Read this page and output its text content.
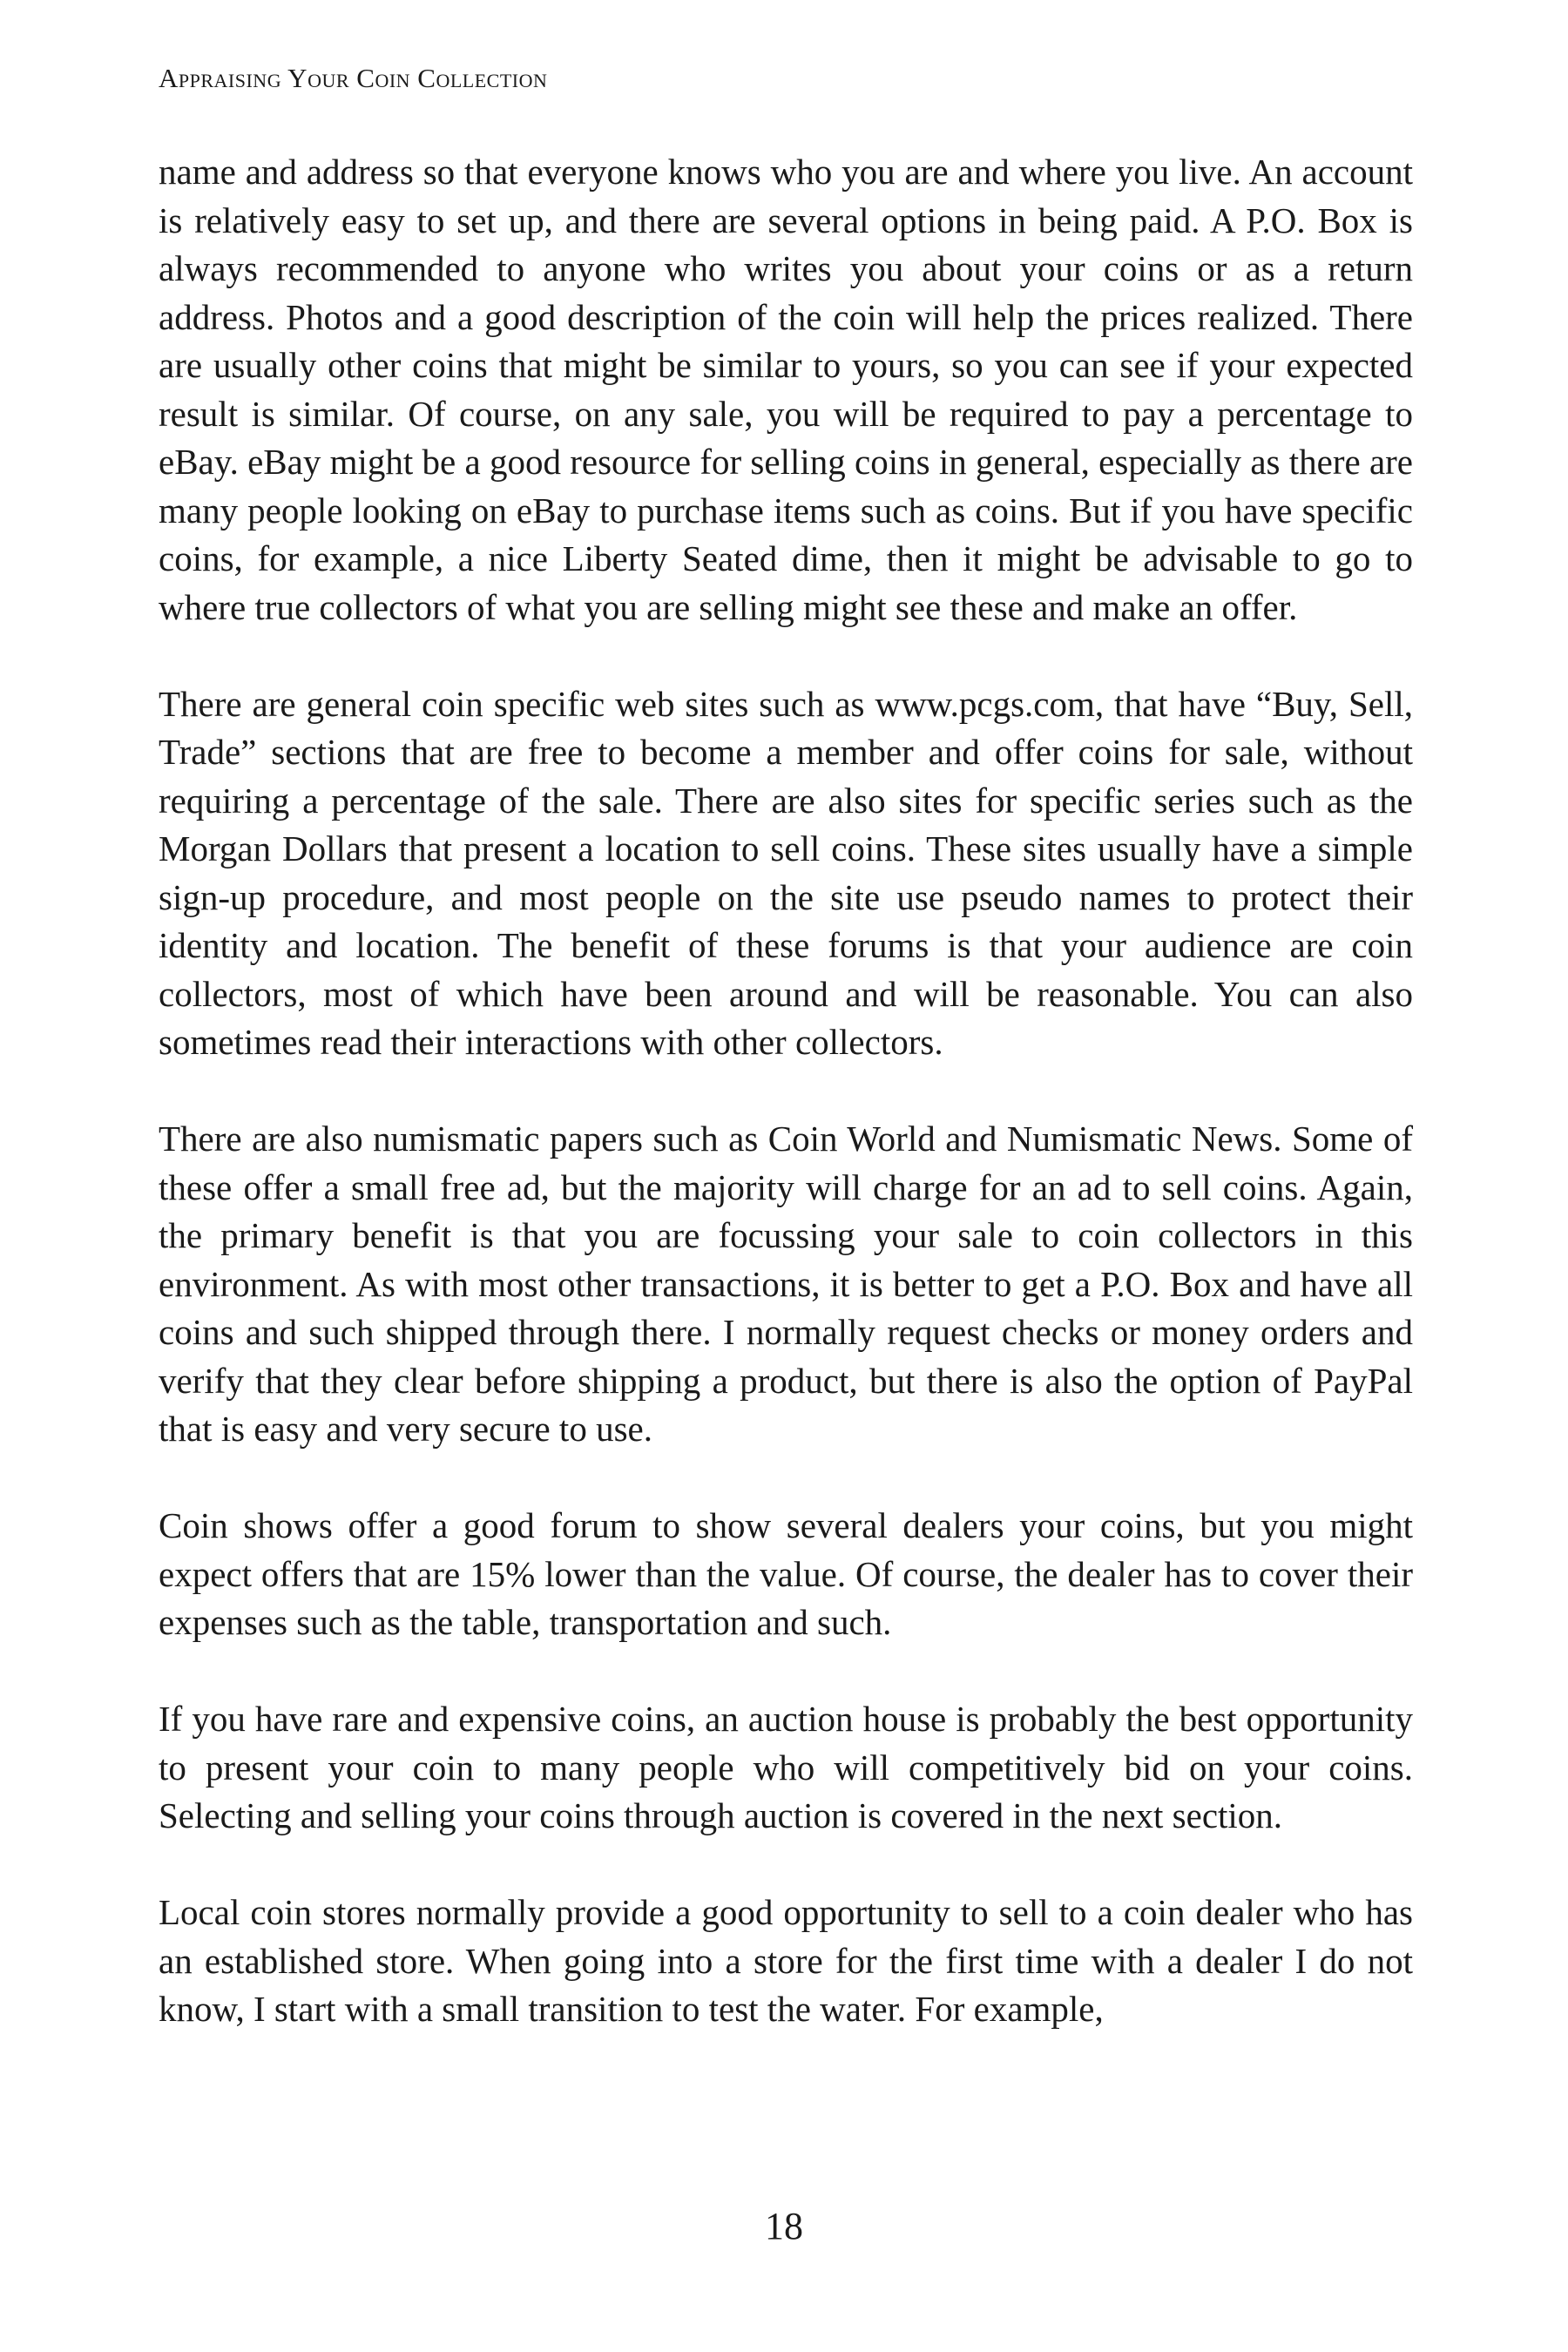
Appraising Your Coin Collection

name and address so that everyone knows who you are and where you live. An account is relatively easy to set up, and there are several options in being paid. A P.O. Box is always recommended to anyone who writes you about your coins or as a return address. Photos and a good description of the coin will help the prices realized. There are usually other coins that might be similar to yours, so you can see if your expected result is similar. Of course, on any sale, you will be required to pay a percentage to eBay. eBay might be a good resource for selling coins in general, especially as there are many people looking on eBay to purchase items such as coins. But if you have specific coins, for example, a nice Liberty Seated dime, then it might be advisable to go to where true collectors of what you are selling might see these and make an offer.

There are general coin specific web sites such as www.pcgs.com, that have “Buy, Sell, Trade” sections that are free to become a member and offer coins for sale, without requiring a percentage of the sale. There are also sites for specific series such as the Morgan Dollars that present a location to sell coins. These sites usually have a simple sign-up procedure, and most people on the site use pseudo names to protect their identity and location. The benefit of these forums is that your audience are coin collectors, most of which have been around and will be reasonable. You can also sometimes read their interactions with other collectors.

There are also numismatic papers such as Coin World and Numismatic News. Some of these offer a small free ad, but the majority will charge for an ad to sell coins. Again, the primary benefit is that you are focussing your sale to coin collectors in this environment. As with most other transactions, it is better to get a P.O. Box and have all coins and such shipped through there. I normally request checks or money orders and verify that they clear before shipping a product, but there is also the option of PayPal that is easy and very secure to use.

Coin shows offer a good forum to show several dealers your coins, but you might expect offers that are 15% lower than the value. Of course, the dealer has to cover their expenses such as the table, transportation and such.

If you have rare and expensive coins, an auction house is probably the best opportunity to present your coin to many people who will competitively bid on your coins. Selecting and selling your coins through auction is covered in the next section.

Local coin stores normally provide a good opportunity to sell to a coin dealer who has an established store. When going into a store for the first time with a dealer I do not know, I start with a small transition to test the water. For example,

18
